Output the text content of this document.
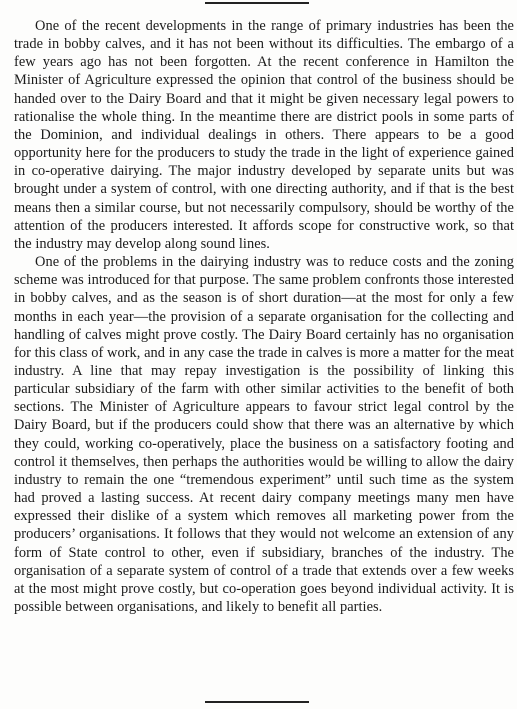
One of the recent developments in the range of primary industries has been the trade in bobby calves, and it has not been without its difficulties. The embargo of a few years ago has not been forgotten. At the recent conference in Hamilton the Minister of Agriculture expressed the opinion that control of the business should be handed over to the Dairy Board and that it might be given necessary legal powers to rationalise the whole thing. In the meantime there are district pools in some parts of the Dominion, and individual dealings in others. There appears to be a good opportunity here for the producers to study the trade in the light of experience gained in co-operative dairying. The major industry developed by separate units but was brought under a system of control, with one directing authority, and if that is the best means then a similar course, but not necessarily compulsory, should be worthy of the attention of the producers interested. It affords scope for constructive work, so that the industry may develop along sound lines.

One of the problems in the dairying industry was to reduce costs and the zoning scheme was introduced for that purpose. The same problem confronts those interested in bobby calves, and as the season is of short duration—at the most for only a few months in each year—the provision of a separate organisation for the collecting and handling of calves might prove costly. The Dairy Board certainly has no organisation for this class of work, and in any case the trade in calves is more a matter for the meat industry. A line that may repay investigation is the possibility of linking this particular subsidiary of the farm with other similar activities to the benefit of both sections. The Minister of Agriculture appears to favour strict legal control by the Dairy Board, but if the producers could show that there was an alternative by which they could, working co-operatively, place the business on a satisfactory footing and control it themselves, then perhaps the authorities would be willing to allow the dairy industry to remain the one “tremendous experiment” until such time as the system had proved a lasting success. At recent dairy company meetings many men have expressed their dislike of a system which removes all marketing power from the producers’ organisations. It follows that they would not welcome an extension of any form of State control to other, even if subsidiary, branches of the industry. The organisation of a separate system of control of a trade that extends over a few weeks at the most might prove costly, but co-operation goes beyond individual activity. It is possible between organisations, and likely to benefit all parties.
